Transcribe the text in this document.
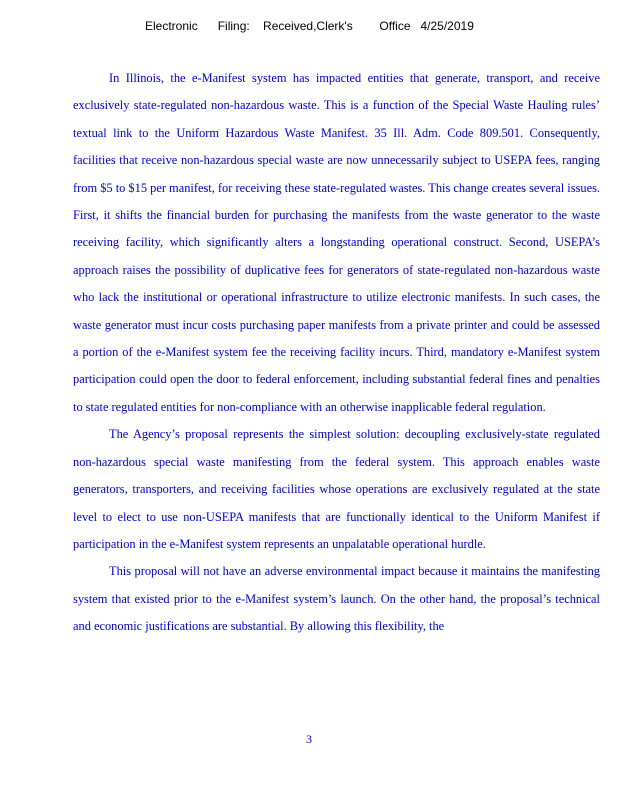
Electronic      Filing:    Received,Clerk's        Office   4/25/2019

In Illinois, the e-Manifest system has impacted entities that generate, transport, and receive exclusively state-regulated non-hazardous waste. This is a function of the Special Waste Hauling rules’ textual link to the Uniform Hazardous Waste Manifest. 35 Ill. Adm. Code 809.501. Consequently, facilities that receive non-hazardous special waste are now unnecessarily subject to USEPA fees, ranging from $5 to $15 per manifest, for receiving these state-regulated wastes. This change creates several issues. First, it shifts the financial burden for purchasing the manifests from the waste generator to the waste receiving facility, which significantly alters a longstanding operational construct. Second, USEPA’s approach raises the possibility of duplicative fees for generators of state-regulated non-hazardous waste who lack the institutional or operational infrastructure to utilize electronic manifests. In such cases, the waste generator must incur costs purchasing paper manifests from a private printer and could be assessed a portion of the e-Manifest system fee the receiving facility incurs. Third, mandatory e-Manifest system participation could open the door to federal enforcement, including substantial federal fines and penalties to state regulated entities for non-compliance with an otherwise inapplicable federal regulation.

The Agency’s proposal represents the simplest solution: decoupling exclusively-state regulated non-hazardous special waste manifesting from the federal system. This approach enables waste generators, transporters, and receiving facilities whose operations are exclusively regulated at the state level to elect to use non-USEPA manifests that are functionally identical to the Uniform Manifest if participation in the e-Manifest system represents an unpalatable operational hurdle.

This proposal will not have an adverse environmental impact because it maintains the manifesting system that existed prior to the e-Manifest system’s launch. On the other hand, the proposal’s technical and economic justifications are substantial. By allowing this flexibility, the

3
